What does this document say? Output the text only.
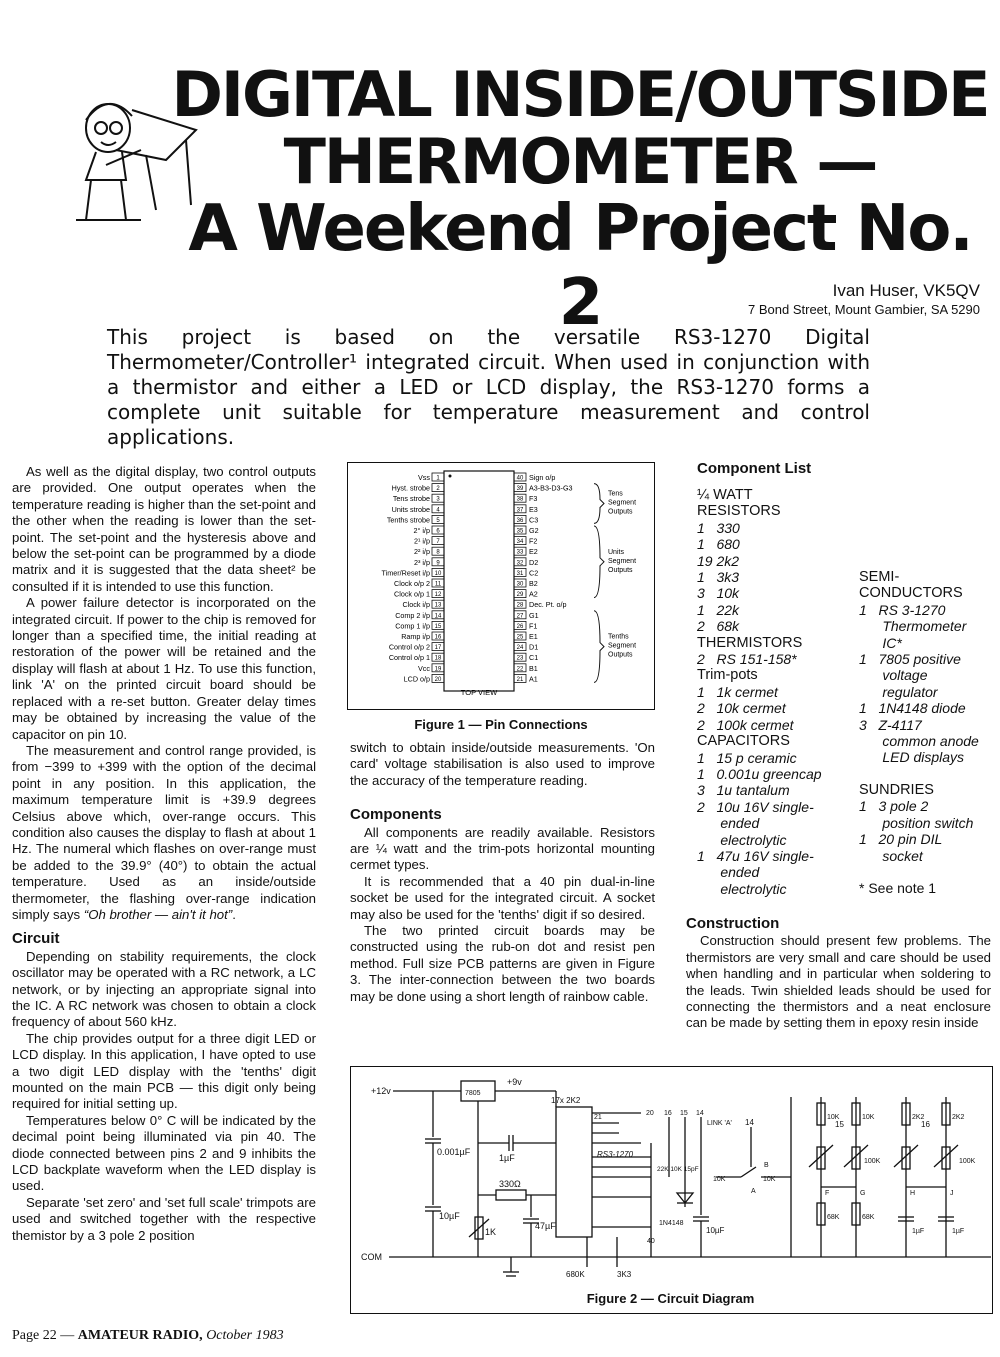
DIGITAL INSIDE/OUTSIDE
THERMOMETER —
A Weekend Project No. 2	Ivan Huser, VK5QV
7 Bond Street, Mount Gambier, SA 5290
This project is based on the versatile RS3-1270 Digital Thermometer/Controller¹ integrated circuit. When used in conjunction with a thermistor and either a LED or LCD display, the RS3-1270 forms a complete unit suitable for temperature measurement and control applications.

As well as the digital display, two control outputs are provided. One output operates when the temperature reading is higher than the set-point and the other when the reading is lower than the set-point. The set-point and the hysteresis above and below the set-point can be programmed by a diode matrix and it is suggested that the data sheet² be consulted if it is intended to use this function.

A power failure detector is incorporated on the integrated circuit. If power to the chip is removed for longer than a specified time, the initial reading at restoration of the power will be retained and the display will flash at about 1 Hz. To use this function, link 'A' on the printed circuit board should be replaced with a re-set button. Greater delay times may be obtained by increasing the value of the capacitor on pin 10.

The measurement and control range provided, is from −399 to +399 with the option of the decimal point in any position. In this application, the maximum temperature limit is +39.9 degrees Celsius above which, over-range occurs. This condition also causes the display to flash at about 1 Hz. The numeral which flashes on over-range must be added to the 39.9° (40°) to obtain the actual temperature. Used as an inside/outside thermometer, the flashing over-range indication simply says “Oh brother — ain't it hot”.

Circuit

Depending on stability requirements, the clock oscillator may be operated with a RC network, a LC network, or by injecting an appropriate signal into the IC. A RC network was chosen to obtain a clock frequency of about 560 kHz.

The chip provides output for a three digit LED or LCD display. In this application, I have opted to use a two digit LED display with the 'tenths' digit mounted on the main PCB — this digit only being required for initial setting up.

Temperatures below 0° C will be indicated by the decimal point being illuminated via pin 40. The diode connected between pins 2 and 9 inhibits the LCD backplate waveform when the LED display is used.

Separate 'set zero' and 'set full scale' trimpots are used and switched together with the respective themistor by a 3 pole 2 position

1
Vss
2
Hyst. strobe
3
Tens strobe
4
Units strobe
5
Tenths strobe
6
2° i/p
7
2¹ i/p
8
2² i/p
9
2³ i/p
10
Timer/Reset i/p
11
Clock o/p 2
12
Clock o/p 1
13
Clock i/p
14
Comp 2 i/p
15
Comp 1 i/p
16
Ramp i/p
17
Control o/p 2
18
Control o/p 1
19
Vcc
20
LCD o/p
40 Sign o/p
39 A3-B3-D3-G3
38 F3
37 E3
36 C3
35 G2
34 F2
33 E2
32 D2
31 C2
30 B2
29 A2
28 Dec. Pt. o/p
27 G1
26 F1
25 E1
24 D1
23 C1
22 B1
21 A1
Tens
Segment
Outputs
Units
Segment
Outputs
Tenths
Segment
Outputs
TOP VIEW
Figure 1 — Pin Connections

switch to obtain inside/outside measurements. 'On card' voltage stabilisation is also used to improve the accuracy of the temperature reading.

Components

All components are readily available. Resistors are ¼ watt and the trim-pots horizontal mounting cermet types.

It is recommended that a 40 pin dual-in-line socket be used for the integrated circuit. A socket may also be used for the 'tenths' digit if so desired.

The two printed circuit boards may be constructed using the rub-on dot and resist pen method. Full size PCB patterns are given in Figure 3. The inter-connection between the two boards may be done using a short length of rainbow cable.

Component List
¼ WATT
RESISTORS
1   330
1   680
19 2k2
1   3k3
3   10k
1   22k
2   68k
THERMISTORS
2   RS 151-158*
Trim-pots
1   1k cermet
2   10k cermet
2   100k cermet
CAPACITORS
1   15 p ceramic
1   0.001u greencap
3   1u tantalum
2   10u 16V single-
ended
electrolytic
1   47u 16V single-
ended
electrolytic
SEMI-
CONDUCTORS
1   RS 3-1270
Thermometer
IC*
1   7805 positive
voltage
regulator
1   1N4148 diode
3   Z-4117
common anode
LED displays
SUNDRIES
1   3 pole 2
position switch
1   20 pin DIL
socket
* See note 1
Construction

Construction should present few problems. The thermistors are very small and care should be used when handling and in particular when soldering to the leads. Twin shielded leads should be used for connecting the thermistors and a neat enclosure can be made by setting them in epoxy resin inside

+12v
+9v
COM
7805
0.001µF
1µF
10µF
1K
330Ω
47µF
17x 2K2
RS3-1270
21
20
40
16 15 14
LINK 'A'
22K 10K 15pF
1N4148
10µF
10K	10K
680K	3K3
14
A
B
15	16
10K	10K	2K2	2K2
100K	100K
68K	68K
1µF	1µF
F	G	H	J
Figure 2 — Circuit Diagram
Page 22 — AMATEUR RADIO, October 1983
